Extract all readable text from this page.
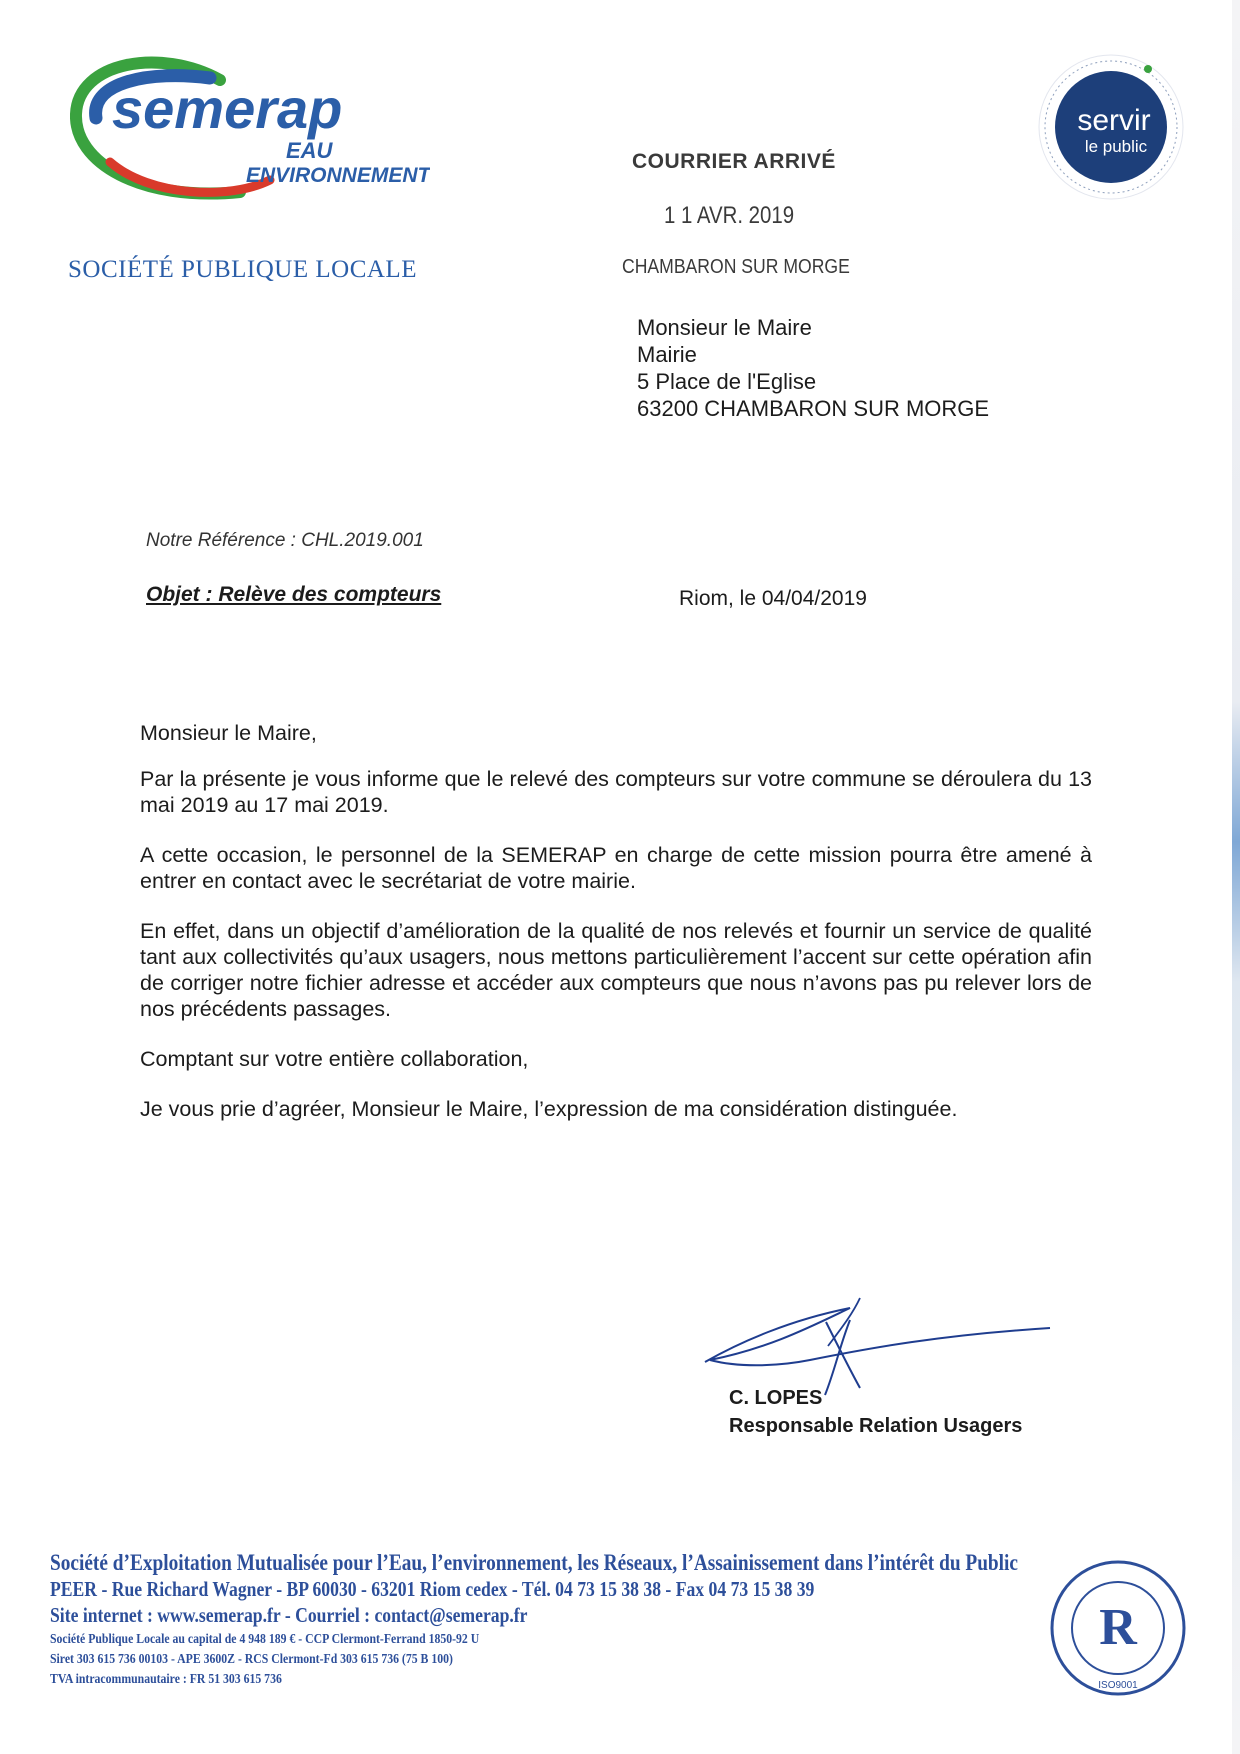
semerap
EAU
ENVIRONNEMENT
SOCIÉTÉ PUBLIQUE LOCALE
servir
le public
COURRIER ARRIVÉ
1 1 AVR. 2019
CHAMBARON SUR MORGE
Monsieur le Maire
Mairie
5 Place de l'Eglise
63200 CHAMBARON SUR MORGE
Notre Référence : CHL.2019.001
Objet : Relève des compteurs	Riom, le 04/04/2019

Monsieur le Maire,

Par la présente je vous informe que le relevé des compteurs sur votre commune se déroulera du 13 mai 2019 au 17 mai 2019.

A cette occasion, le personnel de la SEMERAP en charge de cette mission pourra être amené à entrer en contact avec le secrétariat de votre mairie.

En effet, dans un objectif d’amélioration de la qualité de nos relevés et fournir un service de qualité tant aux collectivités qu’aux usagers, nous mettons particulièrement l’accent sur cette opération afin de corriger notre fichier adresse et accéder aux compteurs que nous n’avons pas pu relever lors de nos précédents passages.

Comptant sur votre entière collaboration,

Je vous prie d’agréer, Monsieur le Maire, l’expression de ma considération distinguée.

C. LOPES
Responsable Relation Usagers
Société d’Exploitation Mutualisée pour l’Eau, l’environnement, les Réseaux, l’Assainissement dans l’intérêt du Public
PEER - Rue Richard Wagner - BP 60030 - 63201 Riom cedex - Tél. 04 73 15 38 38 - Fax 04 73 15 38 39
Site internet : www.semerap.fr - Courriel : contact@semerap.fr
Société Publique Locale au capital de 4 948 189 € - CCP Clermont-Ferrand 1850-92 U
Siret 303 615 736 00103 - APE 3600Z - RCS Clermont-Fd 303 615 736 (75 B 100)
TVA intracommunautaire : FR 51 303 615 736
R
ISO9001
